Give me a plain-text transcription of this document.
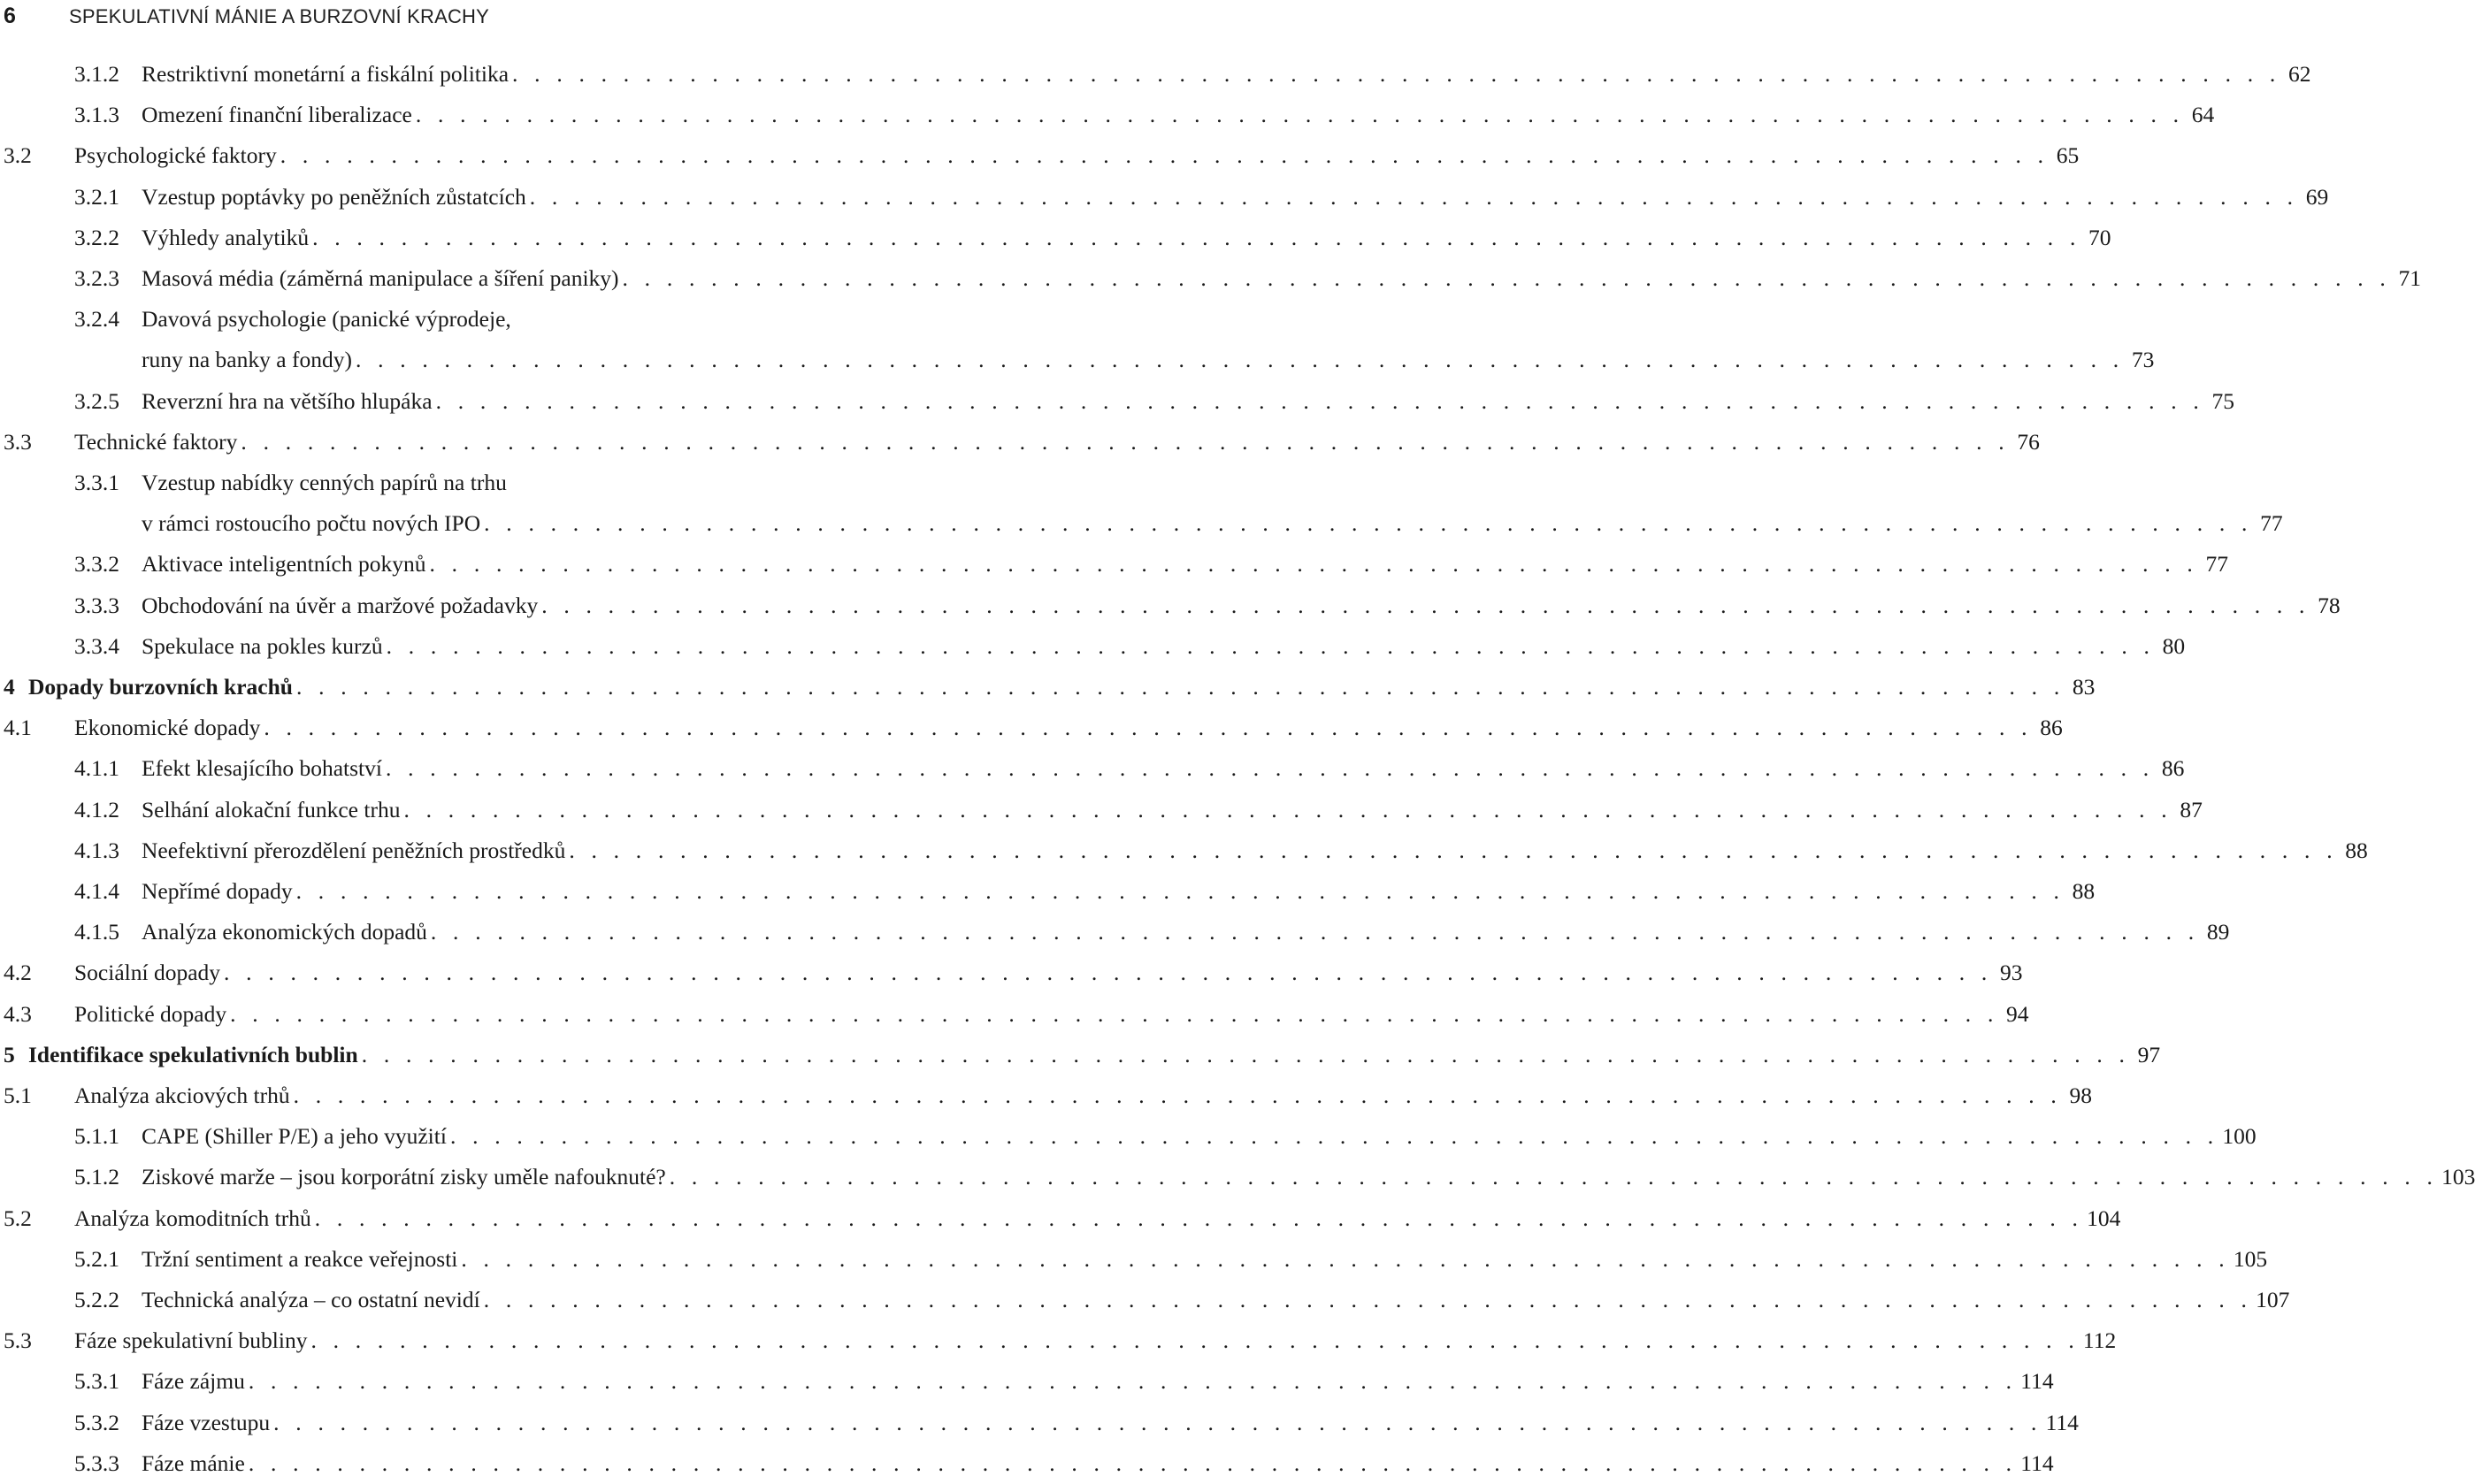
6	SPEKULATIVNÍ MÁNIE A BURZOVNÍ KRACHY
3.1.2 Restriktivní monetární a fiskální politika . . . . . . . . . . . . . . . . . . . . . . . . . . . . . . . . . . . . . . . . . . . . . . . . . . . . . . . . . . . . . . . . . . . . . . . . . . . . . . . . 62
3.1.3 Omezení finanční liberalizace . . . . . . . . . . . . . . . . . . . . . . . . . . . . . . . . . . . . . . . . . . . . . . . . . . . . . . . . . . . . . . . . . . . . . . . . . . . . . . . . 64
3.2 Psychologické faktory . . . . . . . . . . . . . . . . . . . . . . . . . . . . . . . . . . . . . . . . . . . . . . . . . . . . . . . . . . . . . . . . . . . . . . . . . . . . . . . . 65
3.2.1 Vzestup poptávky po peněžních zůstatcích . . . . . . . . . . . . . . . . . . . . . . . . . . . . . . . . . . . . . . . . . . . . . . . . . . . . . . . . . . . . . . . . . . . . . . . . . . . . . . . . 69
3.2.2 Výhledy analytiků . . . . . . . . . . . . . . . . . . . . . . . . . . . . . . . . . . . . . . . . . . . . . . . . . . . . . . . . . . . . . . . . . . . . . . . . . . . . . . . . 70
3.2.3 Masová média (záměrná manipulace a šíření paniky) . . . . . . . . . . . . . . . . . . . . . . . . . . . . . . . . . . . . . . . . . . . . . . . . . . . . . . . . . . . . . . . . . . . . . . . . . . . . . . . . 71
3.2.4 Davová psychologie (panické výprodeje,
runy na banky a fondy) . . . . . . . . . . . . . . . . . . . . . . . . . . . . . . . . . . . . . . . . . . . . . . . . . . . . . . . . . . . . . . . . . . . . . . . . . . . . . . . . 73
3.2.5 Reverzní hra na většího hlupáka . . . . . . . . . . . . . . . . . . . . . . . . . . . . . . . . . . . . . . . . . . . . . . . . . . . . . . . . . . . . . . . . . . . . . . . . . . . . . . . . 75
3.3 Technické faktory . . . . . . . . . . . . . . . . . . . . . . . . . . . . . . . . . . . . . . . . . . . . . . . . . . . . . . . . . . . . . . . . . . . . . . . . . . . . . . . . 76
3.3.1 Vzestup nabídky cenných papírů na trhu
v rámci rostoucího počtu nových IPO . . . . . . . . . . . . . . . . . . . . . . . . . . . . . . . . . . . . . . . . . . . . . . . . . . . . . . . . . . . . . . . . . . . . . . . . . . . . . . . . 77
3.3.2 Aktivace inteligentních pokynů . . . . . . . . . . . . . . . . . . . . . . . . . . . . . . . . . . . . . . . . . . . . . . . . . . . . . . . . . . . . . . . . . . . . . . . . . . . . . . . . 77
3.3.3 Obchodování na úvěr a maržové požadavky . . . . . . . . . . . . . . . . . . . . . . . . . . . . . . . . . . . . . . . . . . . . . . . . . . . . . . . . . . . . . . . . . . . . . . . . . . . . . . . . 78
3.3.4 Spekulace na pokles kurzů . . . . . . . . . . . . . . . . . . . . . . . . . . . . . . . . . . . . . . . . . . . . . . . . . . . . . . . . . . . . . . . . . . . . . . . . . . . . . . . . 80
4 Dopady burzovních krachů . . . . . . . . . . . . . . . . . . . . . . . . . . . . . . . . . . . . . . . . . . . . . . . . . . . . . . . . . . . . . . . . . . . . . . . . . . . . . . . . 83
4.1 Ekonomické dopady . . . . . . . . . . . . . . . . . . . . . . . . . . . . . . . . . . . . . . . . . . . . . . . . . . . . . . . . . . . . . . . . . . . . . . . . . . . . . . . . 86
4.1.1 Efekt klesajícího bohatství . . . . . . . . . . . . . . . . . . . . . . . . . . . . . . . . . . . . . . . . . . . . . . . . . . . . . . . . . . . . . . . . . . . . . . . . . . . . . . . . 86
4.1.2 Selhání alokační funkce trhu . . . . . . . . . . . . . . . . . . . . . . . . . . . . . . . . . . . . . . . . . . . . . . . . . . . . . . . . . . . . . . . . . . . . . . . . . . . . . . . . 87
4.1.3 Neefektivní přerozdělení peněžních prostředků . . . . . . . . . . . . . . . . . . . . . . . . . . . . . . . . . . . . . . . . . . . . . . . . . . . . . . . . . . . . . . . . . . . . . . . . . . . . . . . . 88
4.1.4 Nepřímé dopady . . . . . . . . . . . . . . . . . . . . . . . . . . . . . . . . . . . . . . . . . . . . . . . . . . . . . . . . . . . . . . . . . . . . . . . . . . . . . . . . 88
4.1.5 Analýza ekonomických dopadů . . . . . . . . . . . . . . . . . . . . . . . . . . . . . . . . . . . . . . . . . . . . . . . . . . . . . . . . . . . . . . . . . . . . . . . . . . . . . . . . 89
4.2 Sociální dopady . . . . . . . . . . . . . . . . . . . . . . . . . . . . . . . . . . . . . . . . . . . . . . . . . . . . . . . . . . . . . . . . . . . . . . . . . . . . . . . . 93
4.3 Politické dopady . . . . . . . . . . . . . . . . . . . . . . . . . . . . . . . . . . . . . . . . . . . . . . . . . . . . . . . . . . . . . . . . . . . . . . . . . . . . . . . . 94
5 Identifikace spekulativních bublin . . . . . . . . . . . . . . . . . . . . . . . . . . . . . . . . . . . . . . . . . . . . . . . . . . . . . . . . . . . . . . . . . . . . . . . . . . . . . . . . 97
5.1 Analýza akciových trhů . . . . . . . . . . . . . . . . . . . . . . . . . . . . . . . . . . . . . . . . . . . . . . . . . . . . . . . . . . . . . . . . . . . . . . . . . . . . . . . . 98
5.1.1 CAPE (Shiller P/E) a jeho využití . . . . . . . . . . . . . . . . . . . . . . . . . . . . . . . . . . . . . . . . . . . . . . . . . . . . . . . . . . . . . . . . . . . . . . . . . . . . . . . . 100
5.1.2 Ziskové marže – jsou korporátní zisky uměle nafouknuté? . . . . . . . . . . . . . . . . . . . . . . . . . . . . . . . . . . . . . . . . . . . . . . . . . . . . . . . . . . . . . . . . . . . . . . . . . . . . . . . . 103
5.2 Analýza komoditních trhů . . . . . . . . . . . . . . . . . . . . . . . . . . . . . . . . . . . . . . . . . . . . . . . . . . . . . . . . . . . . . . . . . . . . . . . . . . . . . . . . 104
5.2.1 Tržní sentiment a reakce veřejnosti . . . . . . . . . . . . . . . . . . . . . . . . . . . . . . . . . . . . . . . . . . . . . . . . . . . . . . . . . . . . . . . . . . . . . . . . . . . . . . . . 105
5.2.2 Technická analýza – co ostatní nevidí . . . . . . . . . . . . . . . . . . . . . . . . . . . . . . . . . . . . . . . . . . . . . . . . . . . . . . . . . . . . . . . . . . . . . . . . . . . . . . . . 107
5.3 Fáze spekulativní bubliny . . . . . . . . . . . . . . . . . . . . . . . . . . . . . . . . . . . . . . . . . . . . . . . . . . . . . . . . . . . . . . . . . . . . . . . . . . . . . . . . 112
5.3.1 Fáze zájmu . . . . . . . . . . . . . . . . . . . . . . . . . . . . . . . . . . . . . . . . . . . . . . . . . . . . . . . . . . . . . . . . . . . . . . . . . . . . . . . . 114
5.3.2 Fáze vzestupu . . . . . . . . . . . . . . . . . . . . . . . . . . . . . . . . . . . . . . . . . . . . . . . . . . . . . . . . . . . . . . . . . . . . . . . . . . . . . . . . 114
5.3.3 Fáze mánie . . . . . . . . . . . . . . . . . . . . . . . . . . . . . . . . . . . . . . . . . . . . . . . . . . . . . . . . . . . . . . . . . . . . . . . . . . . . . . . . 114
